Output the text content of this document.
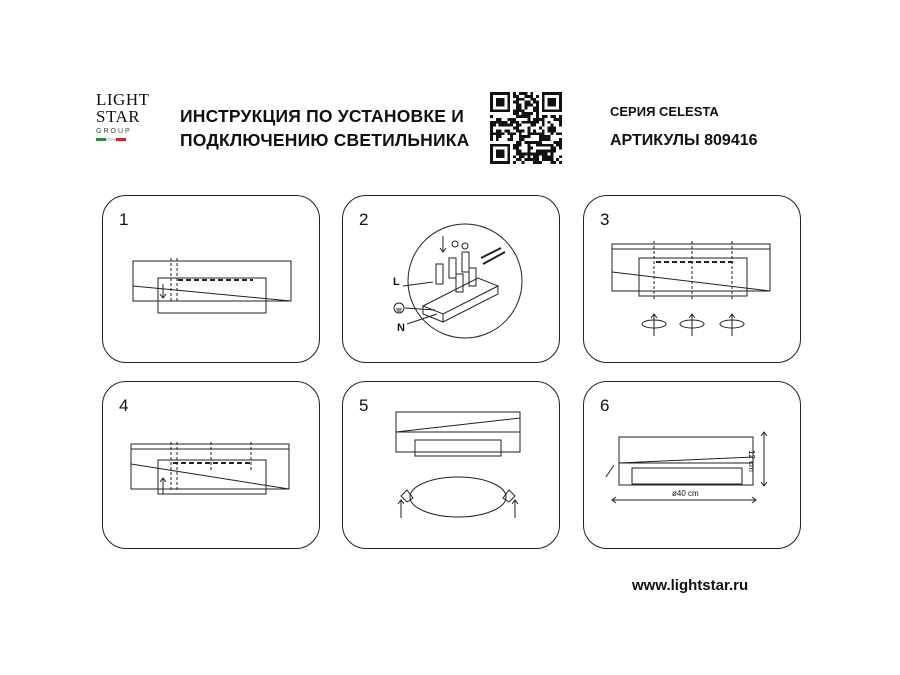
LIGHT
STAR
GROUP
ИНСТРУКЦИЯ ПО УСТАНОВКЕ И
ПОДКЛЮЧЕНИЮ СВЕТИЛЬНИКА
СЕРИЯ CELESTA
АРТИКУЛЫ 809416
1	2
L
N
3
4	5	6
ø40 cm
12 cm
www.lightstar.ru
